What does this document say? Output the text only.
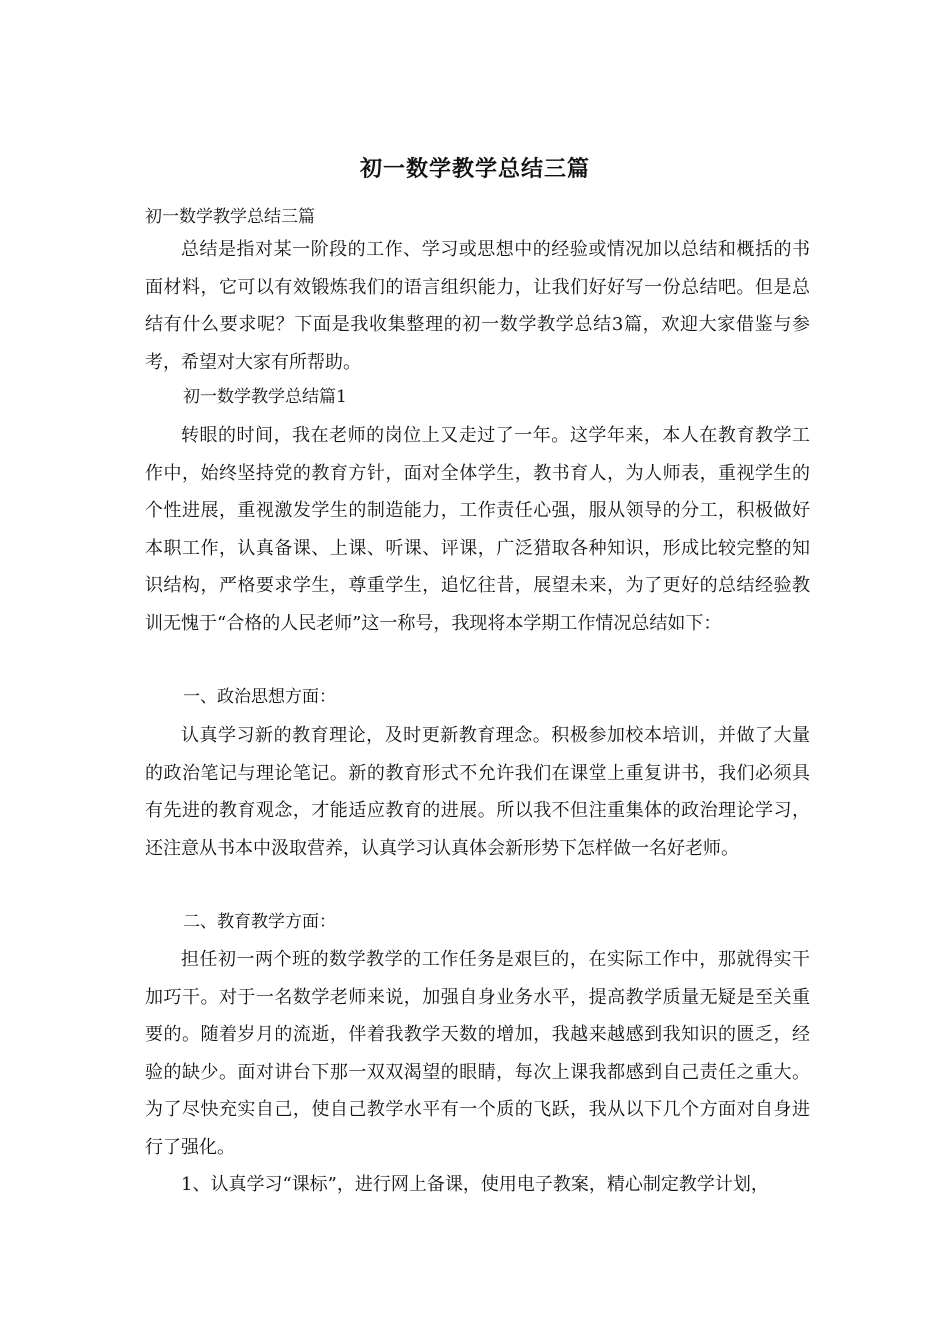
初一数学教学总结三篇
初一数学教学总结三篇

总结是指对某一阶段的工作、学习或思想中的经验或情况加以总结和概括的书面材料，它可以有效锻炼我们的语言组织能力，让我们好好写一份总结吧。但是总结有什么要求呢？下面是我收集整理的初一数学教学总结3篇，欢迎大家借鉴与参考，希望对大家有所帮助。

初一数学教学总结篇1

转眼的时间，我在老师的岗位上又走过了一年。这学年来，本人在教育教学工作中，始终坚持党的教育方针，面对全体学生，教书育人，为人师表，重视学生的个性进展，重视激发学生的制造能力，工作责任心强，服从领导的分工，积极做好本职工作，认真备课、上课、听课、评课，广泛猎取各种知识，形成比较完整的知识结构，严格要求学生，尊重学生，追忆往昔，展望未来，为了更好的总结经验教训无愧于“合格的人民老师”这一称号，我现将本学期工作情况总结如下：

一、政治思想方面：

认真学习新的教育理论，及时更新教育理念。积极参加校本培训，并做了大量的政治笔记与理论笔记。新的教育形式不允许我们在课堂上重复讲书，我们必须具有先进的教育观念，才能适应教育的进展。所以我不但注重集体的政治理论学习，还注意从书本中汲取营养，认真学习认真体会新形势下怎样做一名好老师。

二、教育教学方面：

担任初一两个班的数学教学的工作任务是艰巨的，在实际工作中，那就得实干加巧干。对于一名数学老师来说，加强自身业务水平，提高教学质量无疑是至关重要的。随着岁月的流逝，伴着我教学天数的增加，我越来越感到我知识的匮乏，经验的缺少。面对讲台下那一双双渴望的眼睛，每次上课我都感到自己责任之重大。为了尽快充实自己，使自己教学水平有一个质的飞跃，我从以下几个方面对自身进行了强化。

1、认真学习“课标”，进行网上备课，使用电子教案，精心制定教学计划，
